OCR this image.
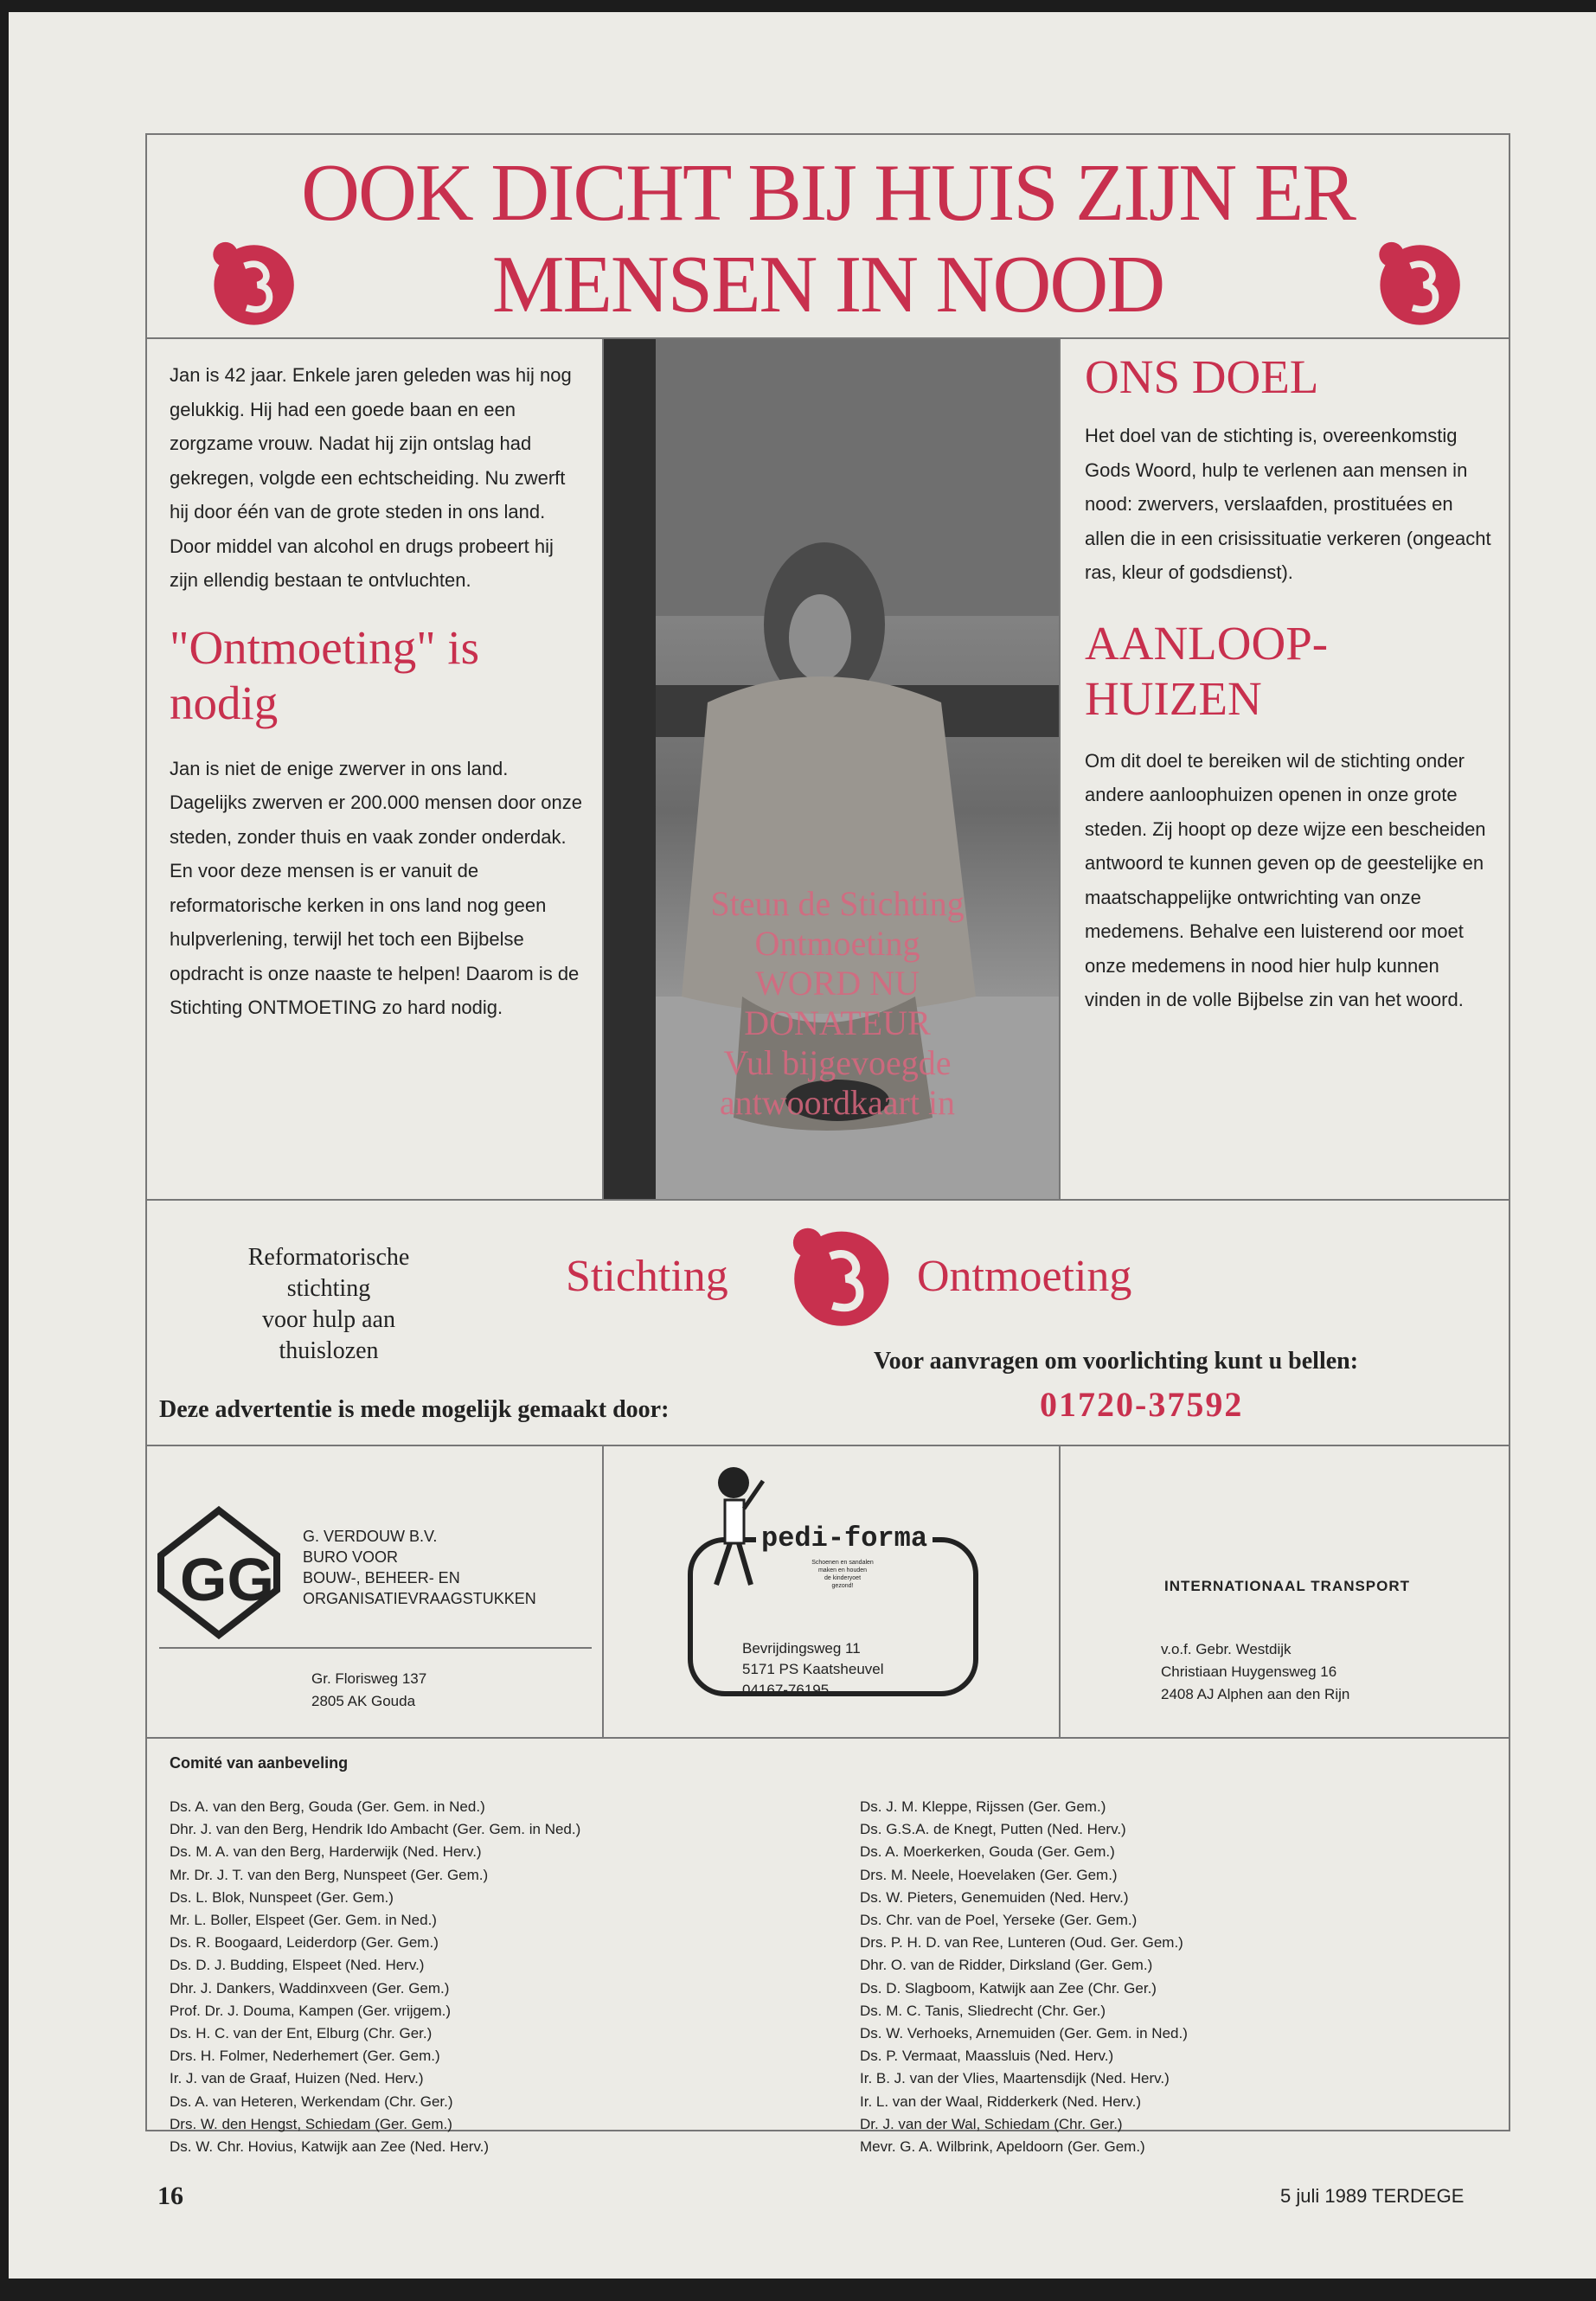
OOK DICHT BIJ HUIS ZIJN ER
MENSEN IN NOOD

Jan is 42 jaar. Enkele jaren geleden was hij nog gelukkig. Hij had een goede baan en een zorgzame vrouw. Nadat hij zijn ontslag had gekregen, volgde een echtscheiding. Nu zwerft hij door één van de grote steden in ons land. Door middel van alcohol en drugs probeert hij zijn ellendig bestaan te ontvluchten.

"Ontmoeting" is nodig

Jan is niet de enige zwerver in ons land. Dagelijks zwerven er 200.000 mensen door onze steden, zonder thuis en vaak zonder onderdak. En voor deze mensen is er vanuit de reformatorische kerken in ons land nog geen hulpverlening, terwijl het toch een Bijbelse opdracht is onze naaste te helpen! Daarom is de Stichting ONTMOETING zo hard nodig.

Steun de Stichting
Ontmoeting
WORD NU
DONATEUR
Vul bijgevoegde
antwoordkaart in
ONS DOEL

Het doel van de stichting is, overeenkomstig Gods Woord, hulp te verlenen aan mensen in nood: zwervers, verslaafden, prostituées en allen die in een crisissituatie verkeren (ongeacht ras, kleur of godsdienst).

AANLOOP-HUIZEN

Om dit doel te bereiken wil de stichting onder andere aanloophuizen openen in onze grote steden. Zij hoopt op deze wijze een bescheiden antwoord te kunnen geven op de geestelijke en maatschappelijke ontwrichting van onze medemens. Behalve een luisterend oor moet onze medemens in nood hier hulp kunnen vinden in de volle Bijbelse zin van het woord.

Reformatorische
stichting
voor hulp aan
thuislozen
Stichting	Ontmoeting
Voor aanvragen om voorlichting kunt u bellen:
01720-37592
Deze advertentie is mede mogelijk gemaakt door:
GG
G. VERDOUW B.V.
BURO VOOR
BOUW-, BEHEER- EN
ORGANISATIEVRAAGSTUKKEN
Gr. Florisweg 137
2805 AK Gouda
pedi-forma
Schoenen en sandalen
maken en houden
de kinderyoet
gezond!
Bevrijdingsweg 11
5171 PS Kaatsheuvel
04167-76195
INTERNATIONAAL TRANSPORT
v.o.f. Gebr. Westdijk
Christiaan Huygensweg 16
2408 AJ Alphen aan den Rijn
Comité van aanbeveling
Ds. A. van den Berg, Gouda (Ger. Gem. in Ned.)
Dhr. J. van den Berg, Hendrik Ido Ambacht (Ger. Gem. in Ned.)
Ds. M. A. van den Berg, Harderwijk (Ned. Herv.)
Mr. Dr. J. T. van den Berg, Nunspeet (Ger. Gem.)
Ds. L. Blok, Nunspeet (Ger. Gem.)
Mr. L. Boller, Elspeet (Ger. Gem. in Ned.)
Ds. R. Boogaard, Leiderdorp (Ger. Gem.)
Ds. D. J. Budding, Elspeet (Ned. Herv.)
Dhr. J. Dankers, Waddinxveen (Ger. Gem.)
Prof. Dr. J. Douma, Kampen (Ger. vrijgem.)
Ds. H. C. van der Ent, Elburg (Chr. Ger.)
Drs. H. Folmer, Nederhemert (Ger. Gem.)
Ir. J. van de Graaf, Huizen (Ned. Herv.)
Ds. A. van Heteren, Werkendam (Chr. Ger.)
Drs. W. den Hengst, Schiedam (Ger. Gem.)
Ds. W. Chr. Hovius, Katwijk aan Zee (Ned. Herv.)
Ds. J. M. Kleppe, Rijssen (Ger. Gem.)
Ds. G.S.A. de Knegt, Putten (Ned. Herv.)
Ds. A. Moerkerken, Gouda (Ger. Gem.)
Drs. M. Neele, Hoevelaken (Ger. Gem.)
Ds. W. Pieters, Genemuiden (Ned. Herv.)
Ds. Chr. van de Poel, Yerseke (Ger. Gem.)
Drs. P. H. D. van Ree, Lunteren (Oud. Ger. Gem.)
Dhr. O. van de Ridder, Dirksland (Ger. Gem.)
Ds. D. Slagboom, Katwijk aan Zee (Chr. Ger.)
Ds. M. C. Tanis, Sliedrecht (Chr. Ger.)
Ds. W. Verhoeks, Arnemuiden (Ger. Gem. in Ned.)
Ds. P. Vermaat, Maassluis (Ned. Herv.)
Ir. B. J. van der Vlies, Maartensdijk (Ned. Herv.)
Ir. L. van der Waal, Ridderkerk (Ned. Herv.)
Dr. J. van der Wal, Schiedam (Chr. Ger.)
Mevr. G. A. Wilbrink, Apeldoorn (Ger. Gem.)
16	5 juli 1989 TERDEGE
